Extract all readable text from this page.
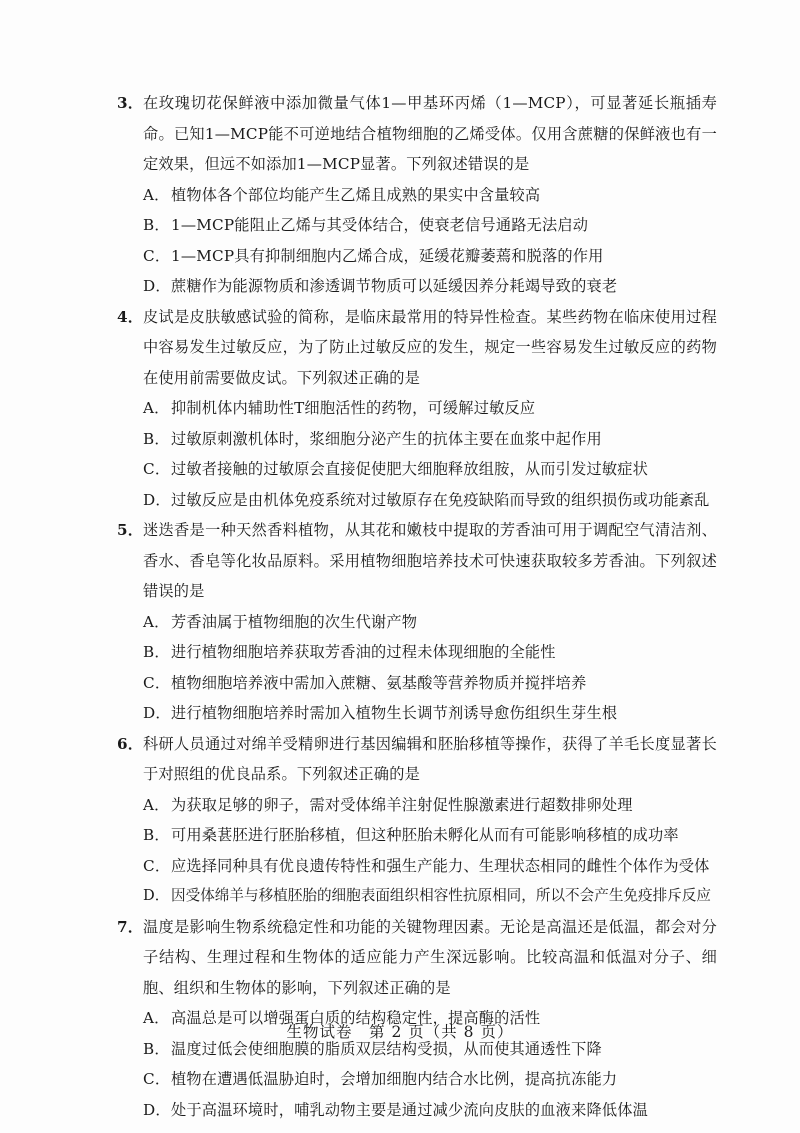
3． 在玫瑰切花保鲜液中添加微量气体1—甲基环丙烯（1—MCP），可显著延长瓶插寿命。已知1—MCP能不可逆地结合植物细胞的乙烯受体。仅用含蔗糖的保鲜液也有一定效果，但远不如添加1—MCP显著。下列叙述错误的是
A． 植物体各个部位均能产生乙烯且成熟的果实中含量较高
B． 1—MCP能阻止乙烯与其受体结合，使衰老信号通路无法启动
C． 1—MCP具有抑制细胞内乙烯合成，延缓花瓣萎蔫和脱落的作用
D． 蔗糖作为能源物质和渗透调节物质可以延缓因养分耗竭导致的衰老
4． 皮试是皮肤敏感试验的简称，是临床最常用的特异性检查。某些药物在临床使用过程中容易发生过敏反应，为了防止过敏反应的发生，规定一些容易发生过敏反应的药物在使用前需要做皮试。下列叙述正确的是
A． 抑制机体内辅助性T细胞活性的药物，可缓解过敏反应
B． 过敏原刺激机体时，浆细胞分泌产生的抗体主要在血浆中起作用
C． 过敏者接触的过敏原会直接促使肥大细胞释放组胺，从而引发过敏症状
D． 过敏反应是由机体免疫系统对过敏原存在免疫缺陷而导致的组织损伤或功能紊乱
5． 迷迭香是一种天然香料植物，从其花和嫩枝中提取的芳香油可用于调配空气清洁剂、香水、香皂等化妆品原料。采用植物细胞培养技术可快速获取较多芳香油。下列叙述错误的是
A． 芳香油属于植物细胞的次生代谢产物
B． 进行植物细胞培养获取芳香油的过程未体现细胞的全能性
C． 植物细胞培养液中需加入蔗糖、氨基酸等营养物质并搅拌培养
D． 进行植物细胞培养时需加入植物生长调节剂诱导愈伤组织生芽生根
6． 科研人员通过对绵羊受精卵进行基因编辑和胚胎移植等操作，获得了羊毛长度显著长于对照组的优良品系。下列叙述正确的是
A． 为获取足够的卵子，需对受体绵羊注射促性腺激素进行超数排卵处理
B． 可用桑葚胚进行胚胎移植，但这种胚胎未孵化从而有可能影响移植的成功率
C． 应选择同种具有优良遗传特性和强生产能力、生理状态相同的雌性个体作为受体
D． 因受体绵羊与移植胚胎的细胞表面组织相容性抗原相同，所以不会产生免疫排斥反应
7． 温度是影响生物系统稳定性和功能的关键物理因素。无论是高温还是低温，都会对分子结构、生理过程和生物体的适应能力产生深远影响。比较高温和低温对分子、细胞、组织和生物体的影响，下列叙述正确的是
A． 高温总是可以增强蛋白质的结构稳定性，提高酶的活性
B． 温度过低会使细胞膜的脂质双层结构受损，从而使其通透性下降
C． 植物在遭遇低温胁迫时，会增加细胞内结合水比例，提高抗冻能力
D． 处于高温环境时，哺乳动物主要是通过减少流向皮肤的血液来降低体温
生物试卷　第 2 页（共 8 页）
